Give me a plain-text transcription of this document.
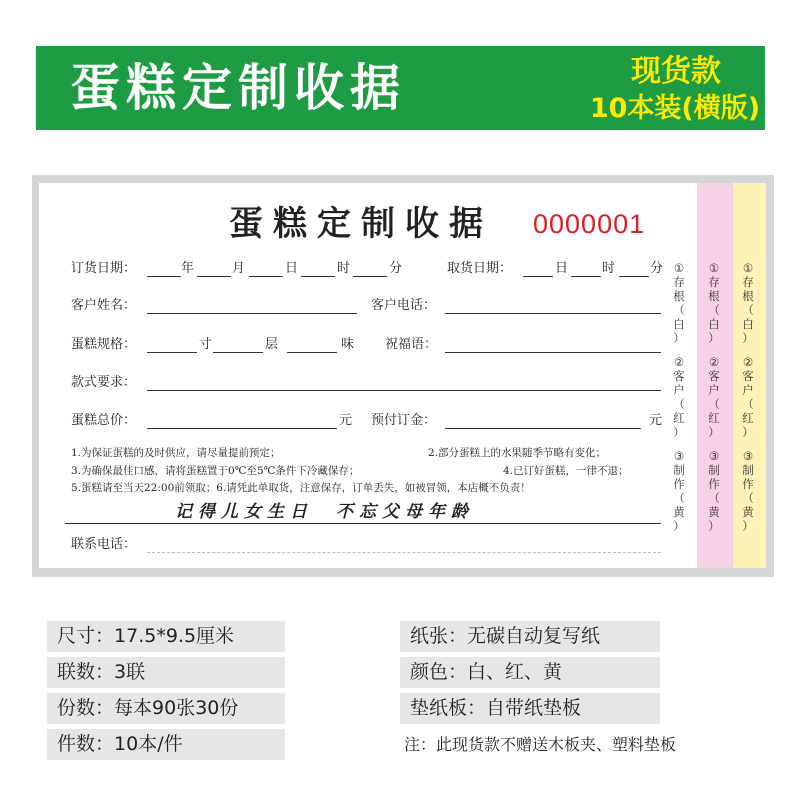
蛋糕定制收据	现货款
10本装(横版)
①
存
根
（
白
）
②
客
户
（
红
）
③
制
作
（
黄
）
①
存
根
（
白
）
②
客
户
（
红
）
③
制
作
（
黄
）
蛋糕定制收据 0000001
订货日期：	年	月	日	时	分	取货日期：	日	时	分
客户姓名：	客户电话：
蛋糕规格：	寸	层	味 祝福语：
款式要求：
蛋糕总价：	元 预付订金：	元
1.为保证蛋糕的及时供应，请尽量提前预定；	2.部分蛋糕上的水果随季节略有变化；
3.为确保最佳口感，请将蛋糕置于0℃至5℃条件下冷藏保存；	4.已订好蛋糕，一律不退；
5.蛋糕请至当天22:00前领取；6.请凭此单取货，注意保存，订单丢失，如被冒领，本店概不负责！
记得儿女生日　不忘父母年龄
联系电话：
①
存
根
（
白
）
②
客
户
（
红
）
③
制
作
（
黄
）
尺寸：17.5*9.5厘米
联数：3联
份数：每本90张30份
件数：10本/件
纸张：无碳自动复写纸
颜色：白、红、黄
垫纸板：自带纸垫板
注：此现货款不赠送木板夹、塑料垫板
